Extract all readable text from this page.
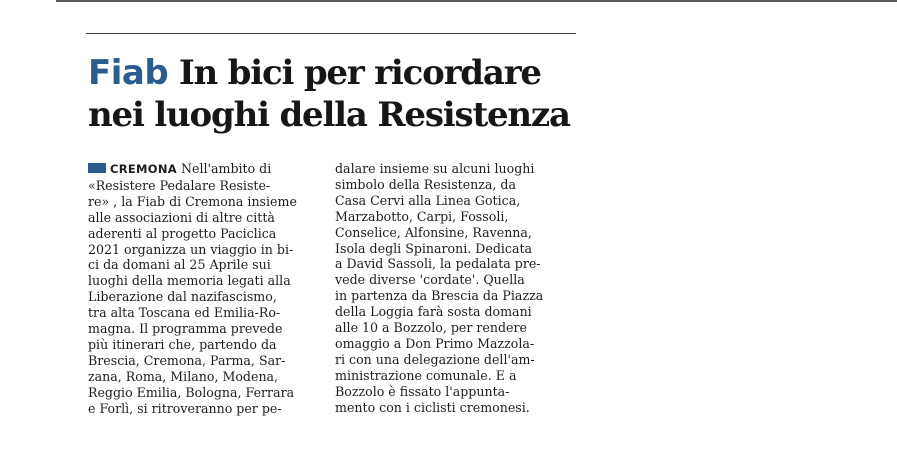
Fiab In bici per ricordare
nei luoghi della Resistenza
CREMONA Nell'ambito di
«Resistere Pedalare Resiste-
re» , la Fiab di Cremona insieme
alle associazioni di altre città
aderenti al progetto Paciclica
2021 organizza un viaggio in bi-
ci da domani al 25 Aprile sui
luoghi della memoria legati alla
Liberazione dal nazifascismo,
tra alta Toscana ed Emilia-Ro-
magna. Il programma prevede
più itinerari che, partendo da
Brescia, Cremona, Parma, Sar-
zana, Roma, Milano, Modena,
Reggio Emilia, Bologna, Ferrara
e Forlì, si ritroveranno per pe-
dalare insieme su alcuni luoghi
simbolo della Resistenza, da
Casa Cervi alla Linea Gotica,
Marzabotto, Carpi, Fossoli,
Conselice, Alfonsine, Ravenna,
Isola degli Spinaroni. Dedicata
a David Sassoli, la pedalata pre-
vede diverse 'cordate'. Quella
in partenza da Brescia da Piazza
della Loggia farà sosta domani
alle 10 a Bozzolo, per rendere
omaggio a Don Primo Mazzola-
ri con una delegazione dell'am-
ministrazione comunale. E a
Bozzolo è fissato l'appunta-
mento con i ciclisti cremonesi.
